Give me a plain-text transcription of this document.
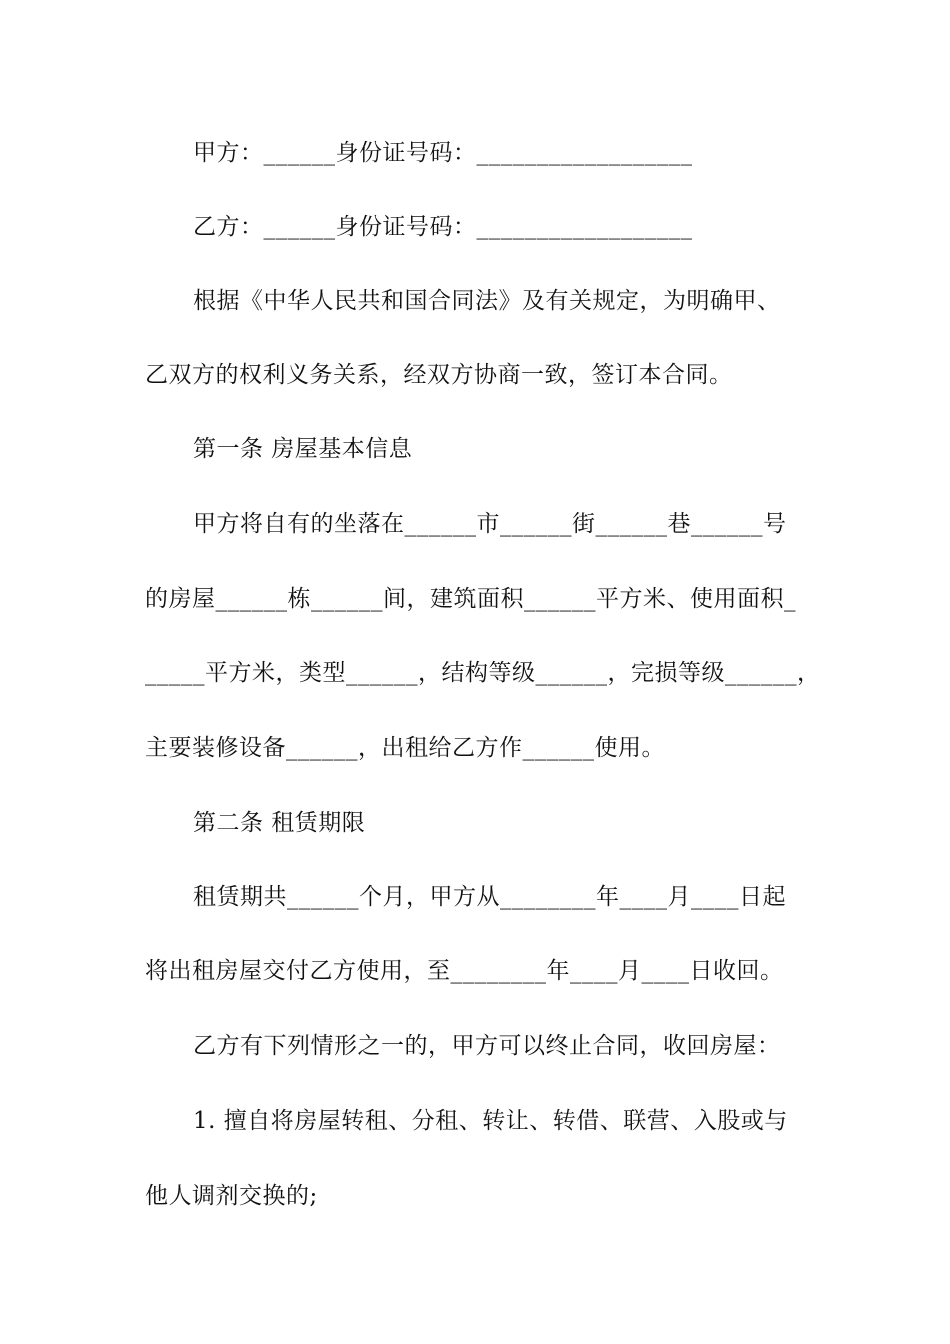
甲方：______身份证号码：__________________
乙方：______身份证号码：__________________
根据《中华人民共和国合同法》及有关规定，为明确甲、
乙双方的权利义务关系，经双方协商一致，签订本合同。
第一条 房屋基本信息
甲方将自有的坐落在______市______街______巷______号
的房屋______栋______间，建筑面积______平方米、使用面积_
_____平方米，类型______，结构等级______，完损等级______，
主要装修设备______，出租给乙方作______使用。
第二条 租赁期限
租赁期共______个月，甲方从________年____月____日起
将出租房屋交付乙方使用，至________年____月____日收回。
乙方有下列情形之一的，甲方可以终止合同，收回房屋：
1. 擅自将房屋转租、分租、转让、转借、联营、入股或与
他人调剂交换的;
